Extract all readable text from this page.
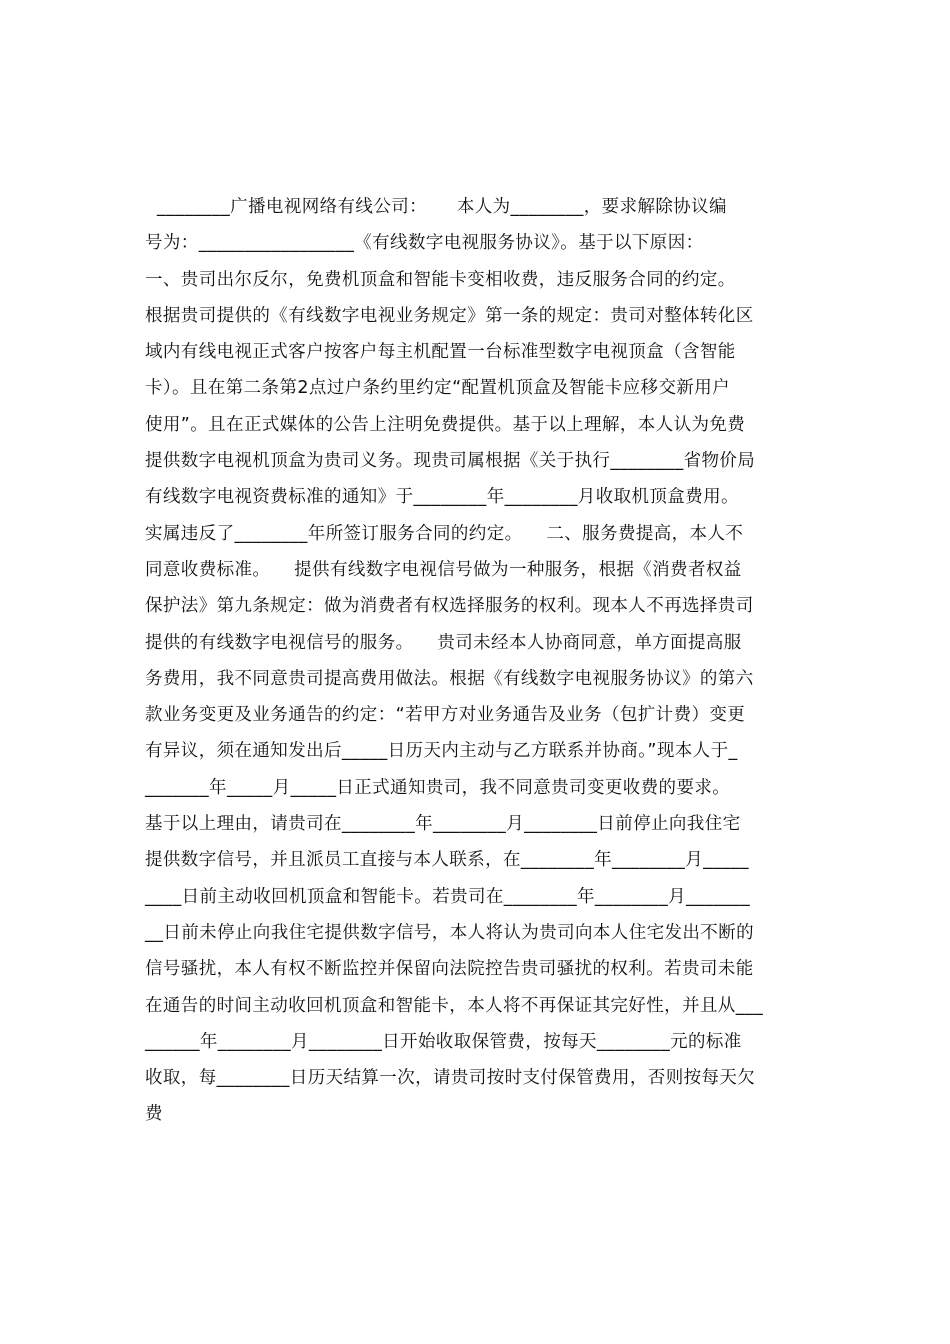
________广播电视网络有线公司：     本人为________，要求解除协议编
号为：_________________《有线数字电视服务协议》。基于以下原因：
一、贵司出尔反尔，免费机顶盒和智能卡变相收费，违反服务合同的约定。
根据贵司提供的《有线数字电视业务规定》第一条的规定：贵司对整体转化区
域内有线电视正式客户按客户每主机配置一台标准型数字电视顶盒（含智能
卡）。且在第二条第2点过户条约里约定“配置机顶盒及智能卡应移交新用户
使用”。且在正式媒体的公告上注明免费提供。基于以上理解，本人认为免费
提供数字电视机顶盒为贵司义务。现贵司属根据《关于执行________省物价局
有线数字电视资费标准的通知》于________年________月收取机顶盒费用。
实属违反了________年所签订服务合同的约定。    二、服务费提高，本人不
同意收费标准。    提供有线数字电视信号做为一种服务，根据《消费者权益
保护法》第九条规定：做为消费者有权选择服务的权利。现本人不再选择贵司
提供的有线数字电视信号的服务。    贵司未经本人协商同意，单方面提高服
务费用，我不同意贵司提高费用做法。根据《有线数字电视服务协议》的第六
款业务变更及业务通告的约定：“若甲方对业务通告及业务（包扩计费）变更
有异议，须在通知发出后_____日历天内主动与乙方联系并协商。”现本人于_
_______年_____月_____日正式通知贵司，我不同意贵司变更收费的要求。
基于以上理由，请贵司在________年________月________日前停止向我住宅
提供数字信号，并且派员工直接与本人联系，在________年________月_____
____日前主动收回机顶盒和智能卡。若贵司在________年________月_______
__日前未停止向我住宅提供数字信号，本人将认为贵司向本人住宅发出不断的
信号骚扰，本人有权不断监控并保留向法院控告贵司骚扰的权利。若贵司未能
在通告的时间主动收回机顶盒和智能卡，本人将不再保证其完好性，并且从___
______年________月________日开始收取保管费，按每天________元的标准
收取，每________日历天结算一次，请贵司按时支付保管费用，否则按每天欠
费
